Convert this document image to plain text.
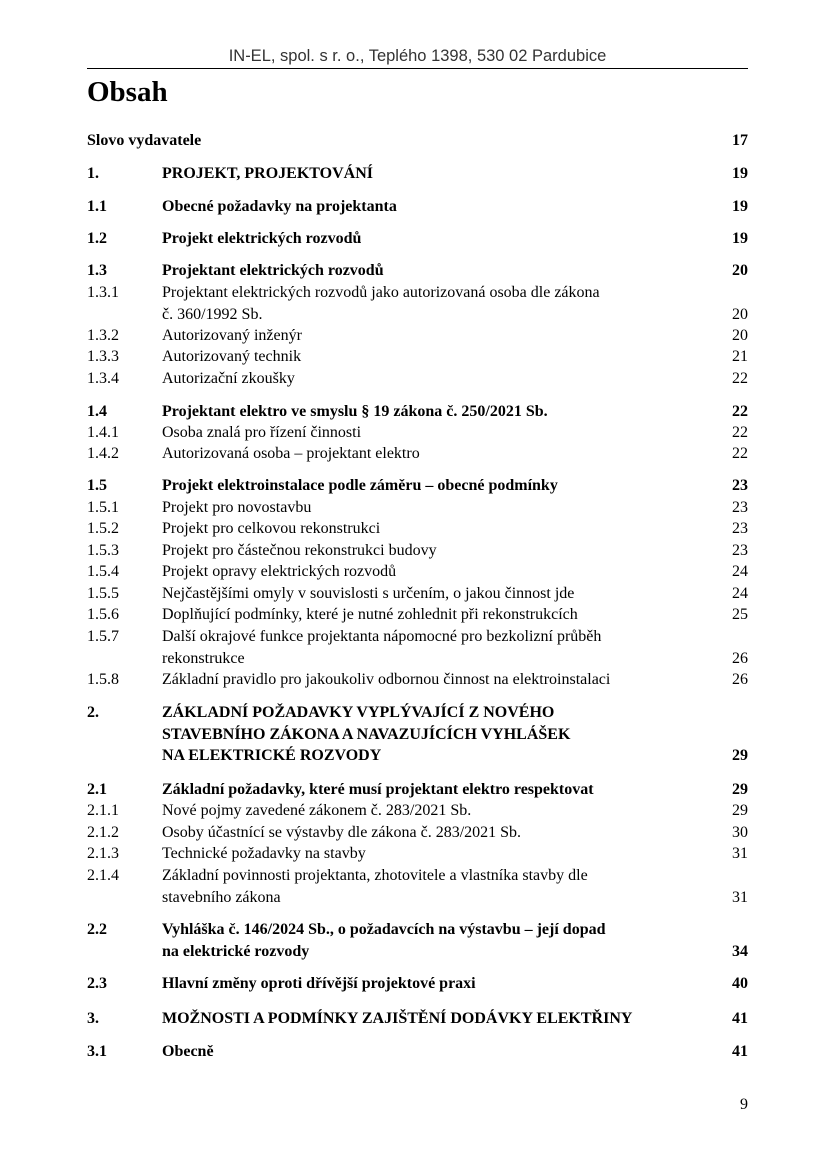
IN-EL, spol. s r. o., Teplého 1398, 530 02 Pardubice
Obsah
Slovo vydavatele	17
1.	PROJEKT, PROJEKTOVÁNÍ	19
1.1	Obecné požadavky na projektanta	19
1.2	Projekt elektrických rozvodů	19
1.3	Projektant elektrických rozvodů	20
1.3.1	Projektant elektrických rozvodů jako autorizovaná osoba dle zákona
č. 360/1992 Sb.	20
1.3.2	Autorizovaný inženýr	20
1.3.3	Autorizovaný technik	21
1.3.4	Autorizační zkoušky	22
1.4	Projektant elektro ve smyslu § 19 zákona č. 250/2021 Sb.	22
1.4.1	Osoba znalá pro řízení činnosti	22
1.4.2	Autorizovaná osoba – projektant elektro	22
1.5	Projekt elektroinstalace podle záměru – obecné podmínky	23
1.5.1	Projekt pro novostavbu	23
1.5.2	Projekt pro celkovou rekonstrukci	23
1.5.3	Projekt pro částečnou rekonstrukci budovy	23
1.5.4	Projekt opravy elektrických rozvodů	24
1.5.5	Nejčastějšími omyly v souvislosti s určením, o jakou činnost jde	24
1.5.6	Doplňující podmínky, které je nutné zohlednit při rekonstrukcích	25
1.5.7	Další okrajové funkce projektanta nápomocné pro bezkolizní průběh
rekonstrukce	26
1.5.8	Základní pravidlo pro jakoukoliv odbornou činnost na elektroinstalaci	26
2.	ZÁKLADNÍ POŽADAVKY VYPLÝVAJÍCÍ Z NOVÉHO
STAVEBNÍHO ZÁKONA A NAVAZUJÍCÍCH VYHLÁŠEK
NA ELEKTRICKÉ ROZVODY	29
2.1	Základní požadavky, které musí projektant elektro respektovat	29
2.1.1	Nové pojmy zavedené zákonem č. 283/2021 Sb.	29
2.1.2	Osoby účastnící se výstavby dle zákona č. 283/2021 Sb.	30
2.1.3	Technické požadavky na stavby	31
2.1.4	Základní povinnosti projektanta, zhotovitele a vlastníka stavby dle
stavebního zákona	31
2.2	Vyhláška č. 146/2024 Sb., o požadavcích na výstavbu – její dopad
na elektrické rozvody	34
2.3	Hlavní změny oproti dřívější projektové praxi	40
3.	MOŽNOSTI A PODMÍNKY ZAJIŠTĚNÍ DODÁVKY ELEKTŘINY	41
3.1	Obecně	41
9
